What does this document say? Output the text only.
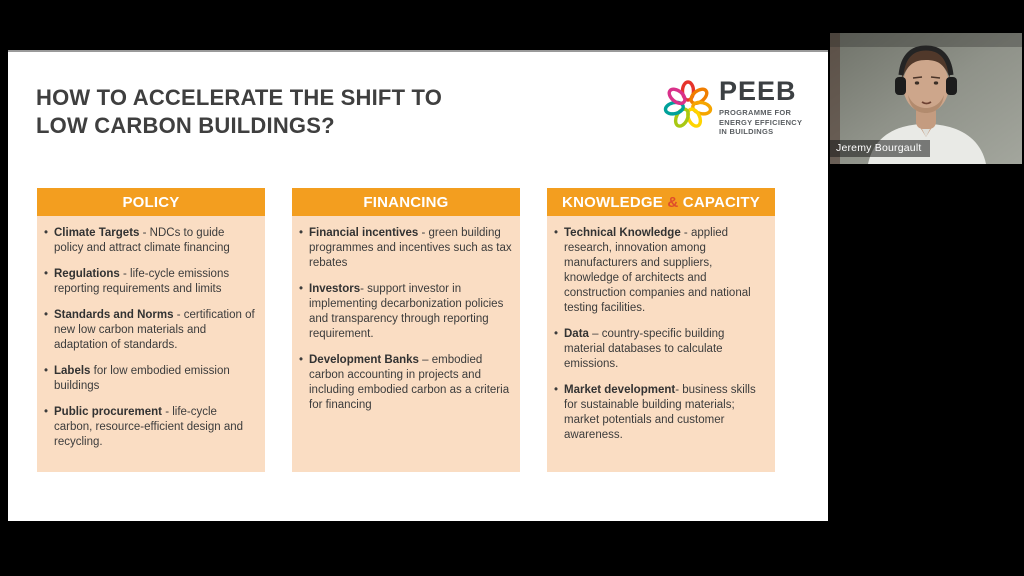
HOW TO ACCELERATE THE SHIFT TO
LOW CARBON BUILDINGS?
PEEB
PROGRAMME FOR
ENERGY EFFICIENCY
IN BUILDINGS
POLICY
• Climate Targets - NDCs to guide policy and attract climate financing
• Regulations - life-cycle emissions reporting requirements and limits
• Standards and Norms - certification of new low carbon materials and adaptation of standards.
• Labels for low embodied emission buildings
• Public procurement - life-cycle carbon, resource-efficient design and recycling.
FINANCING
• Financial incentives - green building programmes and incentives such as tax rebates
• Investors- support investor in implementing decarbonization policies and transparency through reporting requirement.
• Development Banks – embodied carbon accounting in projects and including embodied carbon as a criteria for financing
KNOWLEDGE & CAPACITY
• Technical Knowledge - applied research, innovation among manufacturers and suppliers, knowledge of architects and construction companies and national testing facilities.
• Data – country-specific building material databases to calculate emissions.
• Market development- business skills for sustainable building materials; market potentials and customer awareness.
Jeremy Bourgault
